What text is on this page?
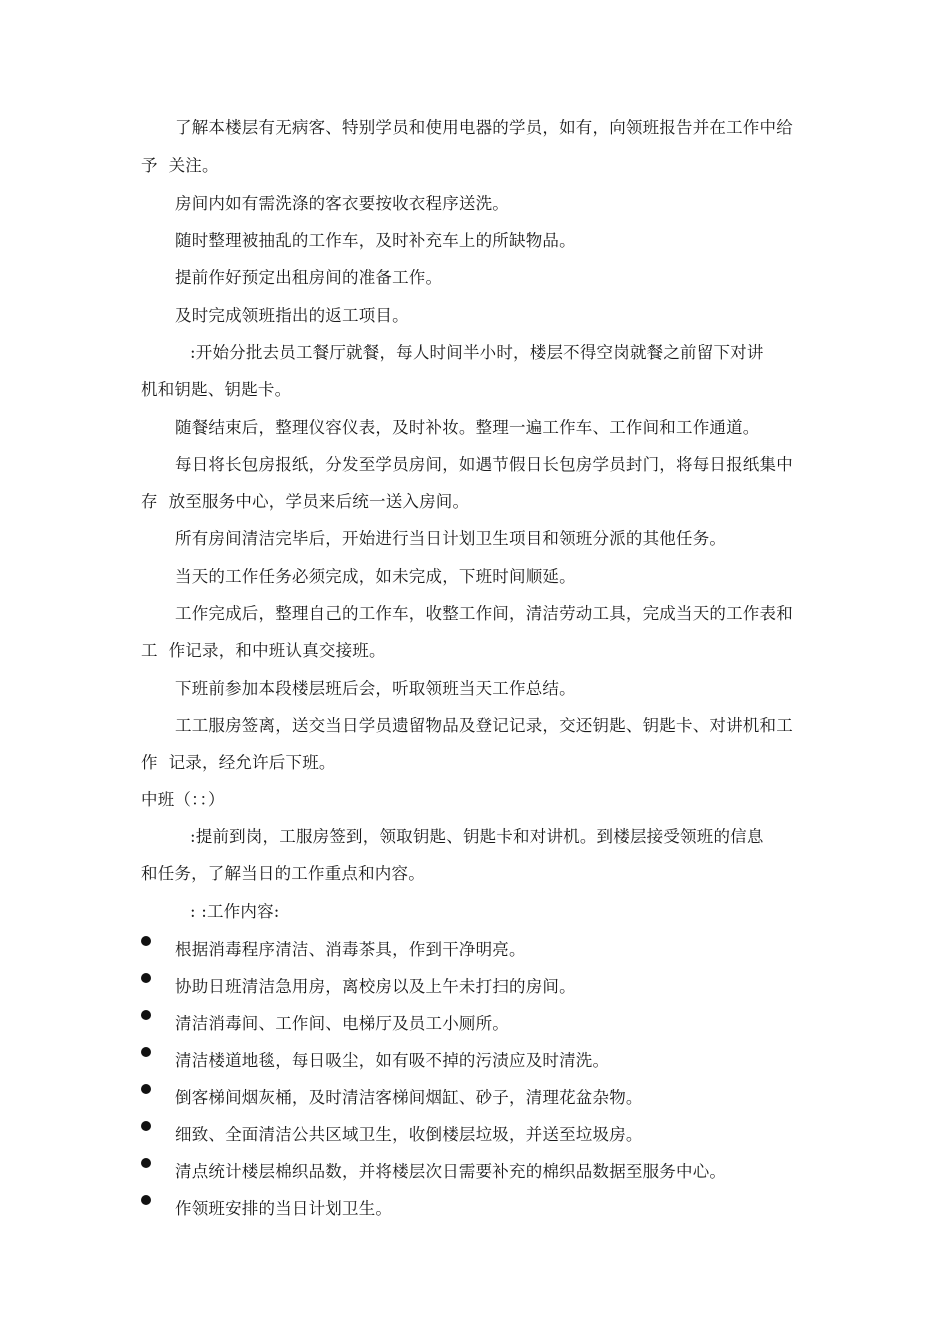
了解本楼层有无病客、特别学员和使用电器的学员，如有，向领班报告并在工作中给
予  关注。
房间内如有需洗涤的客衣要按收衣程序送洗。
随时整理被抽乱的工作车，及时补充车上的所缺物品。
提前作好预定出租房间的准备工作。
及时完成领班指出的返工项目。
:开始分批去员工餐厅就餐，每人时间半小时，楼层不得空岗就餐之前留下对讲
机和钥匙、钥匙卡。
随餐结束后，整理仪容仪表，及时补妆。整理一遍工作车、工作间和工作通道。
每日将长包房报纸，分发至学员房间，如遇节假日长包房学员封门，将每日报纸集中
存  放至服务中心，学员来后统一送入房间。
所有房间清洁完毕后，开始进行当日计划卫生项目和领班分派的其他任务。
当天的工作任务必须完成，如未完成，下班时间顺延。
工作完成后，整理自己的工作车，收整工作间，清洁劳动工具，完成当天的工作表和
工  作记录，和中班认真交接班。
下班前参加本段楼层班后会，听取领班当天工作总结。
工工服房签离，送交当日学员遗留物品及登记记录，交还钥匙、钥匙卡、对讲机和工
作  记录，经允许后下班。
中班（：：）
:提前到岗，工服房签到，领取钥匙、钥匙卡和对讲机。到楼层接受领班的信息
和任务，了解当日的工作重点和内容。
: :工作内容:
根据消毒程序清洁、消毒茶具，作到干净明亮。
协助日班清洁急用房，离校房以及上午未打扫的房间。
清洁消毒间、工作间、电梯厅及员工小厕所。
清洁楼道地毯，每日吸尘，如有吸不掉的污渍应及时清洗。
倒客梯间烟灰桶，及时清洁客梯间烟缸、砂子，清理花盆杂物。
细致、全面清洁公共区域卫生，收倒楼层垃圾，并送至垃圾房。
清点统计楼层棉织品数，并将楼层次日需要补充的棉织品数据至服务中心。
作领班安排的当日计划卫生。
